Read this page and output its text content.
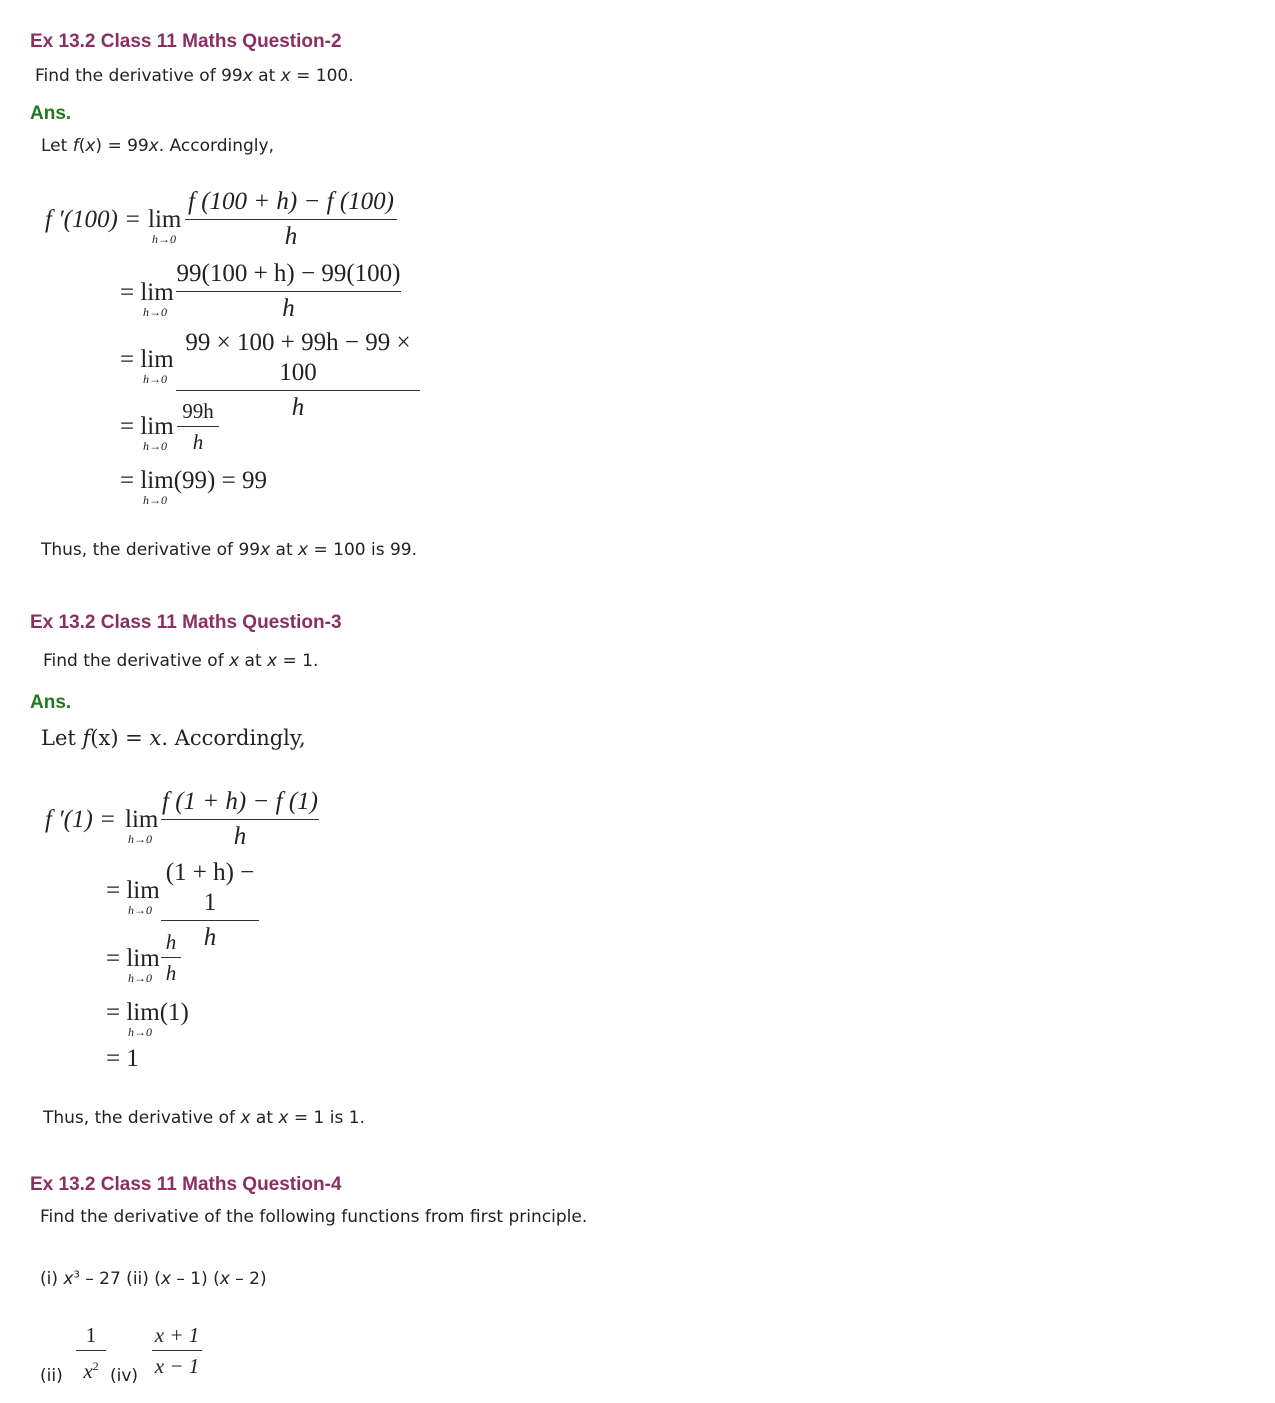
Ex 13.2 Class 11 Maths Question-2
Find the derivative of 99x at x = 100.
Ans.
Let f(x) = 99x. Accordingly,
f ′(100) = lim
h→0
f (100 + h) − f (100)
h
= lim
h→0
99(100 + h) − 99(100)
h
= lim
h→0
99 × 100 + 99h − 99 × 100
h
= lim
h→0
99h
h
= lim(99) = 99
h→0
Thus, the derivative of 99x at x = 100 is 99.
Ex 13.2 Class 11 Maths Question-3
Find the derivative of x at x = 1.
Ans.
Let f(x) = x. Accordingly,
f ′(1) = lim
h→0
f (1 + h) − f (1)
h
= lim
h→0
(1 + h) − 1
h
= lim
h→0
h
h
= lim(1)
h→0
= 1
Thus, the derivative of x at x = 1 is 1.
Ex 13.2 Class 11 Maths Question-4
Find the derivative of the following functions from first principle.
(i) $x^3 - 27$ (ii) (x – 1) (x – 2)
(ii)
1
$x^2$ (iv)
x + 1
x − 1
